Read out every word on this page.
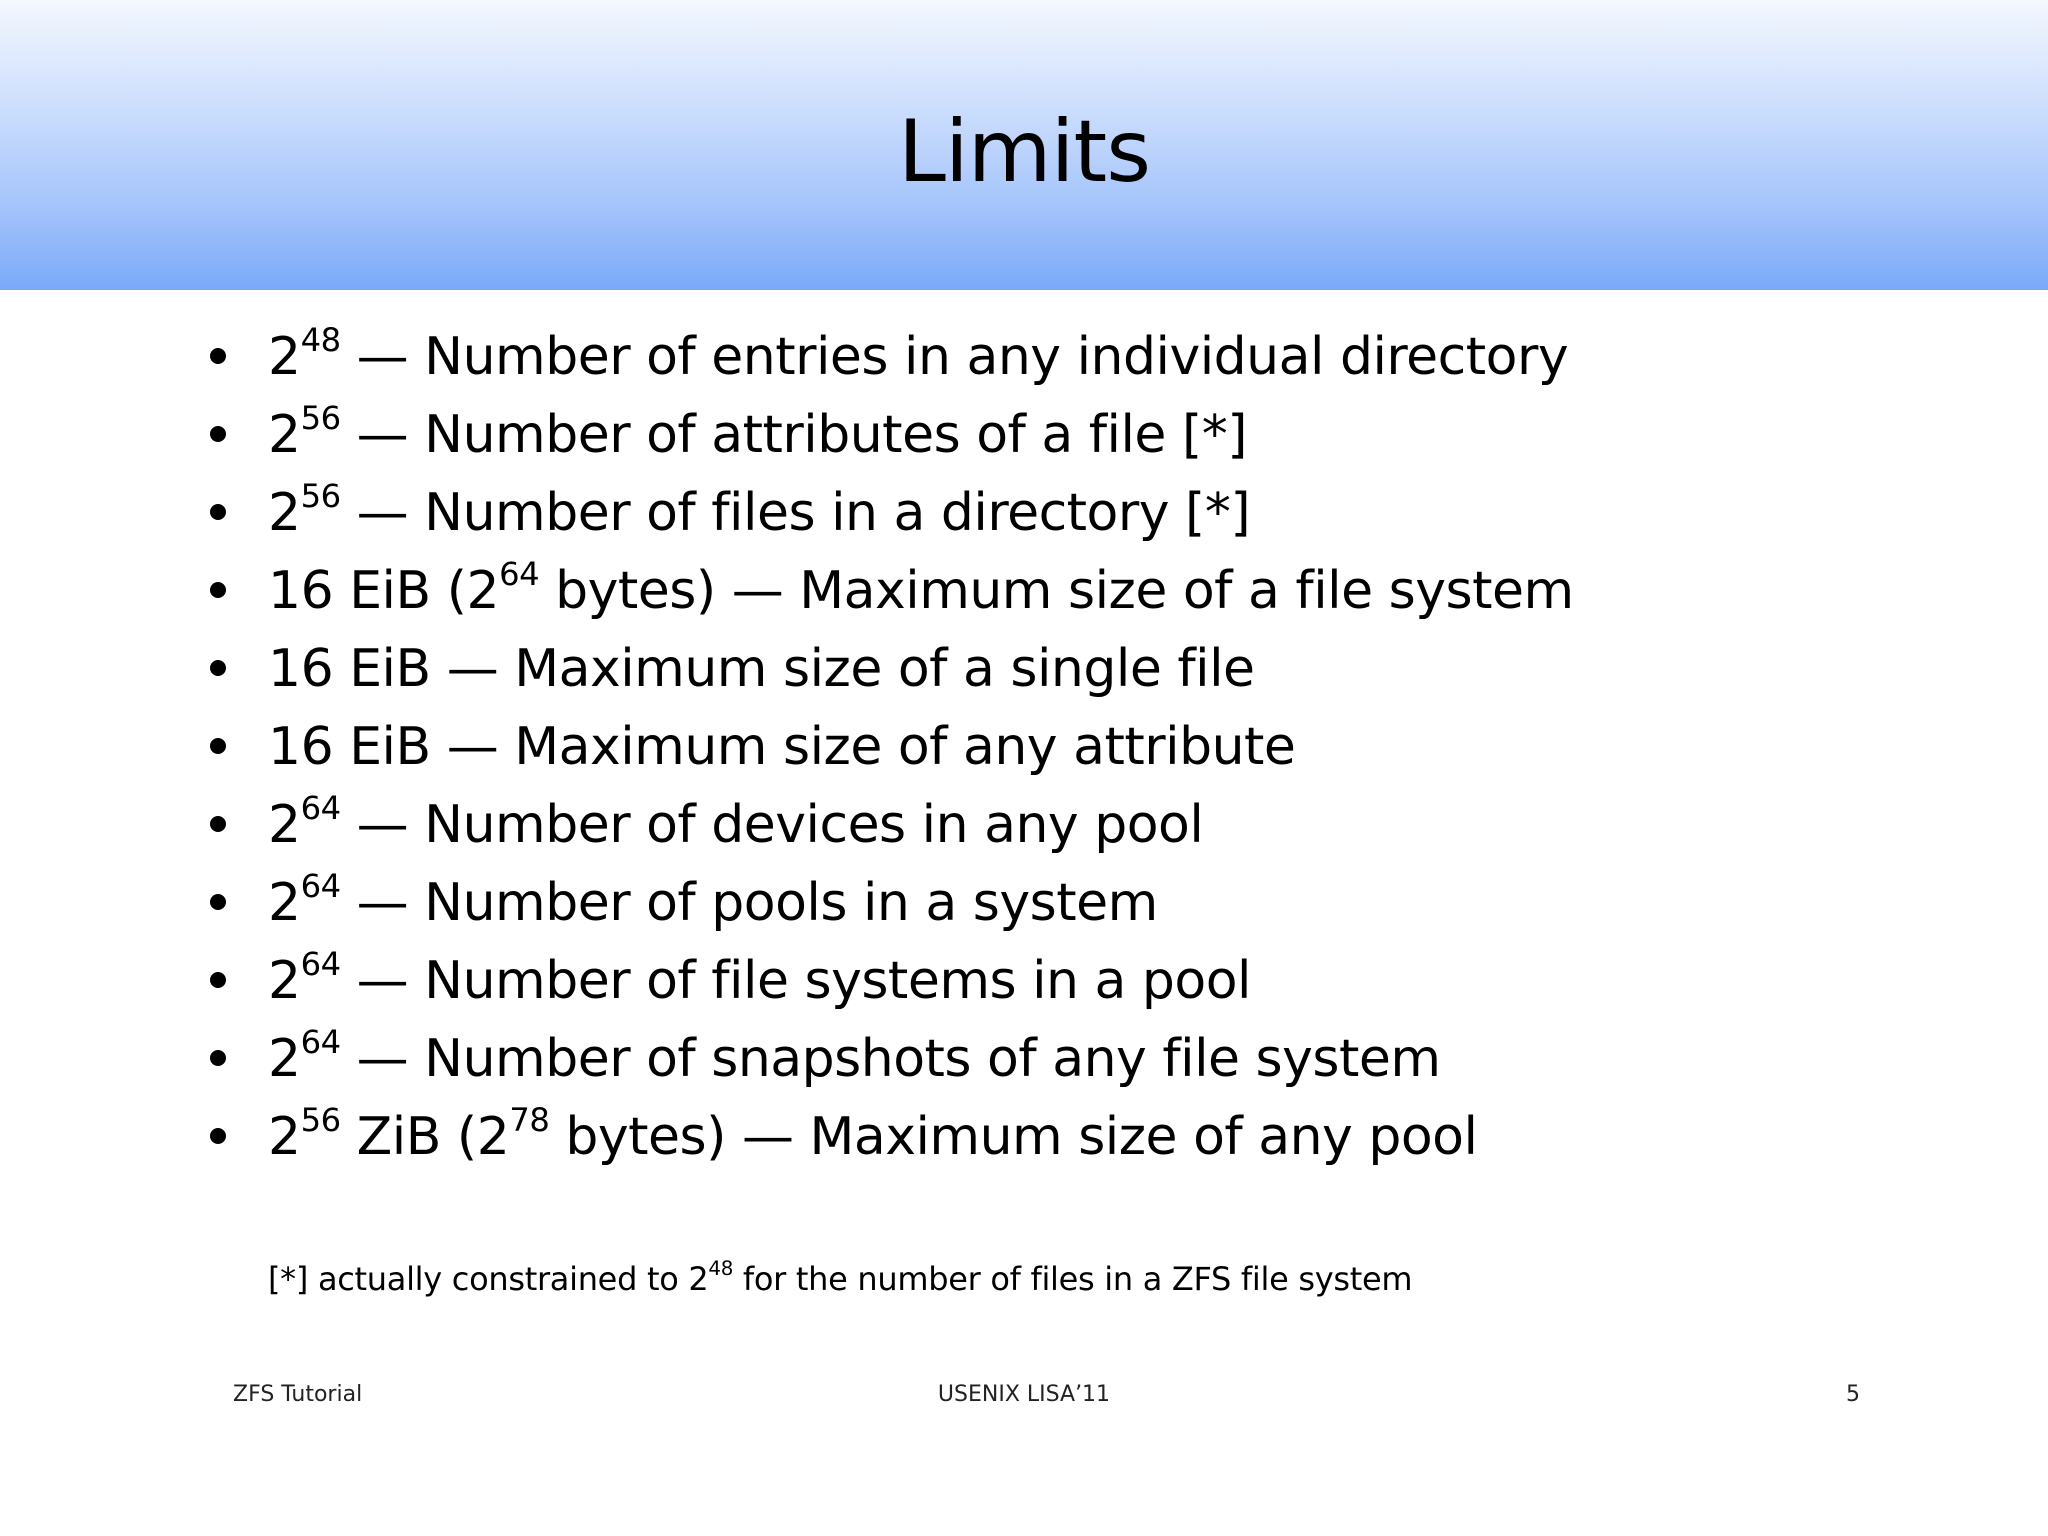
Limits
$2^{48}$ — Number of entries in any individual directory
$2^{56}$ — Number of attributes of a file [*]
$2^{56}$ — Number of files in a directory [*]
16 EiB ($2^{64}$ bytes) — Maximum size of a file system
16 EiB — Maximum size of a single file
16 EiB — Maximum size of any attribute
$2^{64}$ — Number of devices in any pool
$2^{64}$ — Number of pools in a system
$2^{64}$ — Number of file systems in a pool
$2^{64}$ — Number of snapshots of any file system
$2^{56}$ ZiB ($2^{78}$ bytes) — Maximum size of any pool
[*] actually constrained to $2^{48}$ for the number of files in a ZFS file system
ZFS Tutorial	USENIX LISA’11	5
